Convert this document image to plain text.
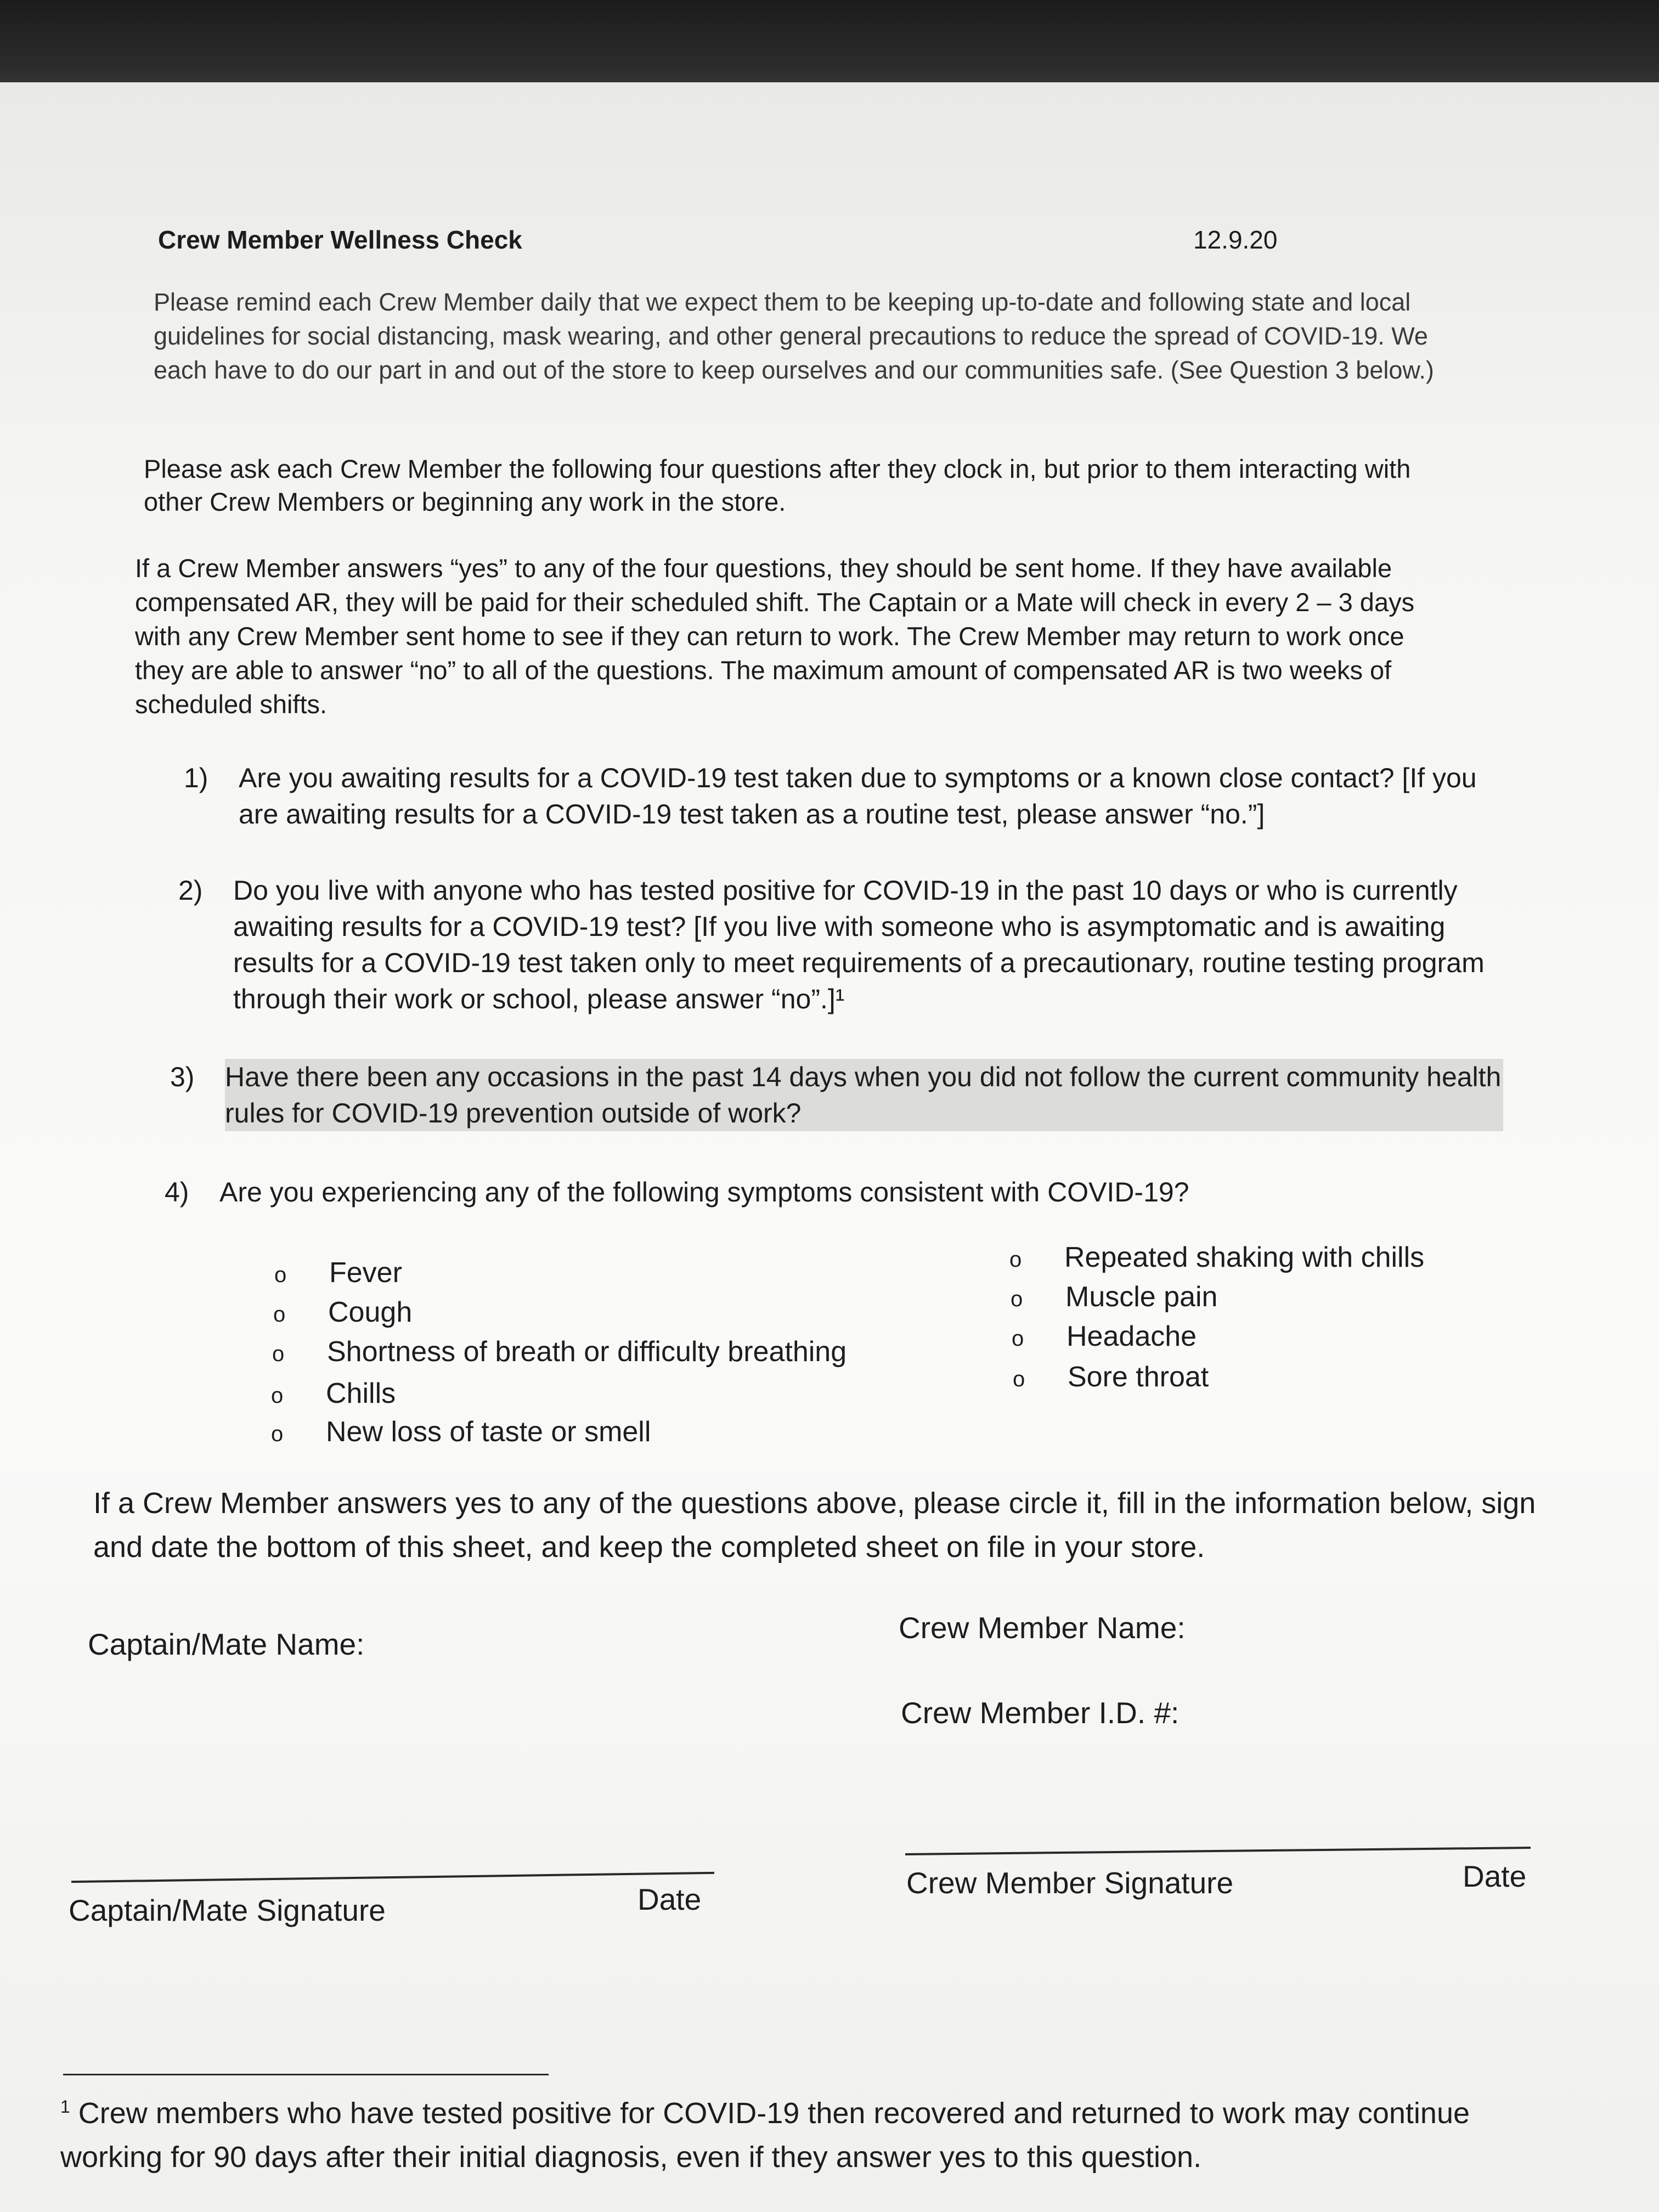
Crew Member Wellness Check	12.9.20
Please remind each Crew Member daily that we expect them to be keeping up-to-date and following state and local guidelines for social distancing, mask wearing, and other general precautions to reduce the spread of COVID-19. We each have to do our part in and out of the store to keep ourselves and our communities safe. (See Question 3 below.)
Please ask each Crew Member the following four questions after they clock in, but prior to them interacting with other Crew Members or beginning any work in the store.
If a Crew Member answers “yes” to any of the four questions, they should be sent home. If they have available compensated AR, they will be paid for their scheduled shift. The Captain or a Mate will check in every 2 – 3 days with any Crew Member sent home to see if they can return to work. The Crew Member may return to work once they are able to answer “no” to all of the questions. The maximum amount of compensated AR is two weeks of scheduled shifts.
1) Are you awaiting results for a COVID-19 test taken due to symptoms or a known close contact? [If you are awaiting results for a COVID-19 test taken as a routine test, please answer “no.”]
2) Do you live with anyone who has tested positive for COVID-19 in the past 10 days or who is currently awaiting results for a COVID-19 test? [If you live with someone who is asymptomatic and is awaiting results for a COVID-19 test taken only to meet requirements of a precautionary, routine testing program through their work or school, please answer “no”.]¹
3) Have there been any occasions in the past 14 days when you did not follow the current community health rules for COVID-19 prevention outside of work?
4) Are you experiencing any of the following symptoms consistent with COVID-19?
o Fever
o Cough
o Shortness of breath or difficulty breathing
o Chills
o New loss of taste or smell
o Repeated shaking with chills
o Muscle pain
o Headache
o Sore throat
If a Crew Member answers yes to any of the questions above, please circle it, fill in the information below, sign and date the bottom of this sheet, and keep the completed sheet on file in your store.
Captain/Mate Name:	Crew Member Name:
Crew Member I.D. #:
Captain/Mate Signature	Date	Crew Member Signature	Date
$^1$ Crew members who have tested positive for COVID-19 then recovered and returned to work may continue working for 90 days after their initial diagnosis, even if they answer yes to this question.
